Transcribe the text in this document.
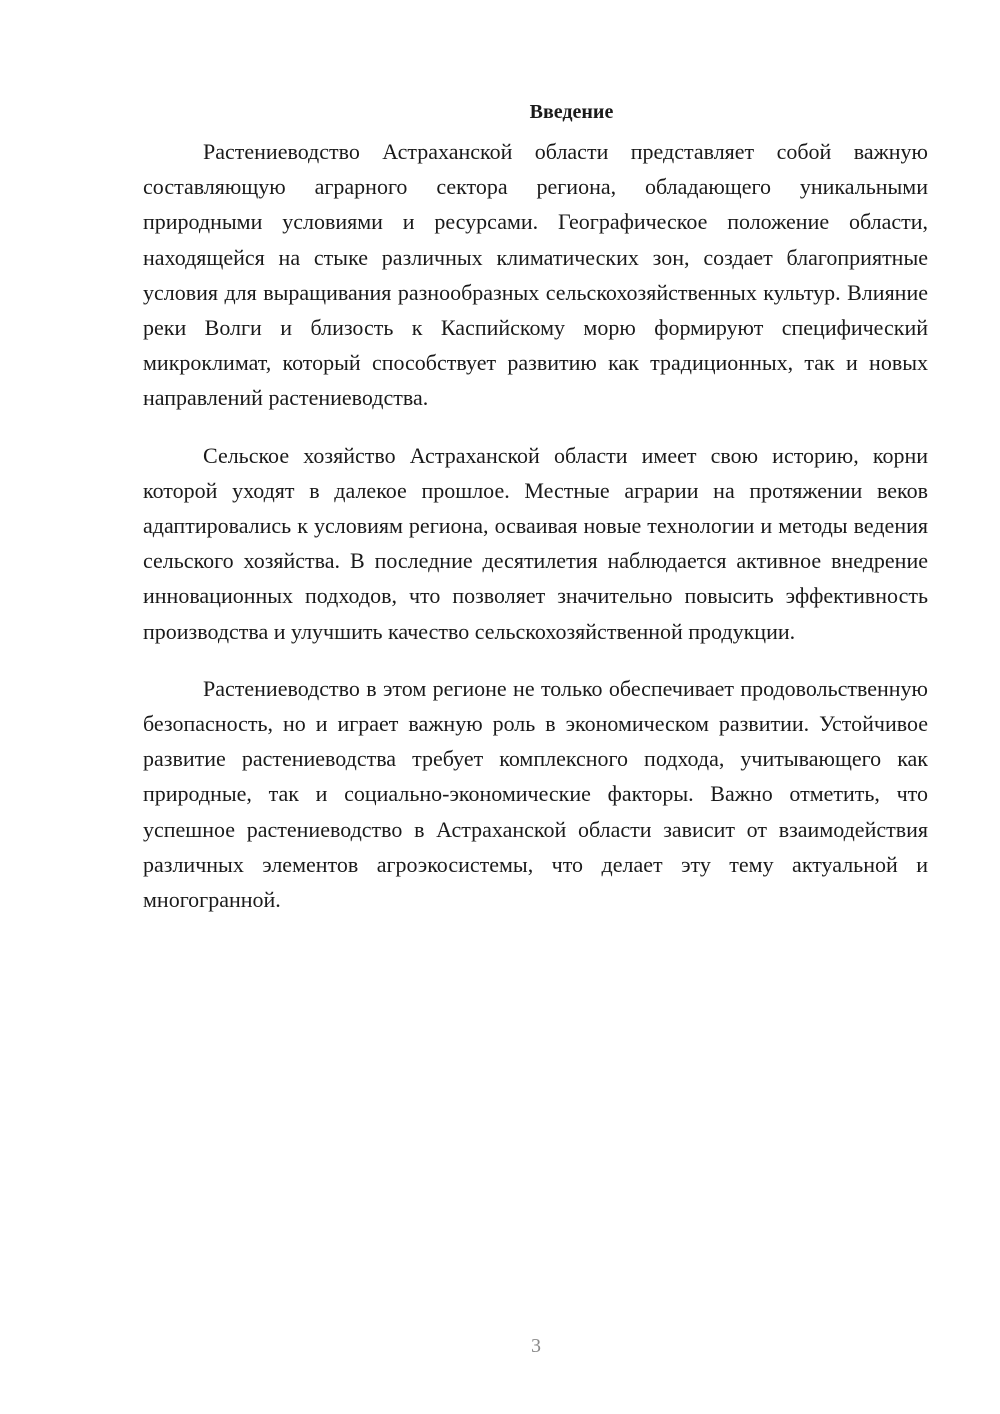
Введение

Растениеводство Астраханской области представляет собой важную составляющую аграрного сектора региона, обладающего уникальными природными условиями и ресурсами. Географическое положение области, находящейся на стыке различных климатических зон, создает благоприятные условия для выращивания разнообразных сельскохозяйственных культур. Влияние реки Волги и близость к Каспийскому морю формируют специфический микроклимат, который способствует развитию как традиционных, так и новых направлений растениеводства.

Сельское хозяйство Астраханской области имеет свою историю, корни которой уходят в далекое прошлое. Местные аграрии на протяжении веков адаптировались к условиям региона, осваивая новые технологии и методы ведения сельского хозяйства. В последние десятилетия наблюдается активное внедрение инновационных подходов, что позволяет значительно повысить эффективность производства и улучшить качество сельскохозяйственной продукции.

Растениеводство в этом регионе не только обеспечивает продовольственную безопасность, но и играет важную роль в экономическом развитии. Устойчивое развитие растениеводства требует комплексного подхода, учитывающего как природные, так и социально-экономические факторы. Важно отметить, что успешное растениеводство в Астраханской области зависит от взаимодействия различных элементов агроэкосистемы, что делает эту тему актуальной и многогранной.

3
